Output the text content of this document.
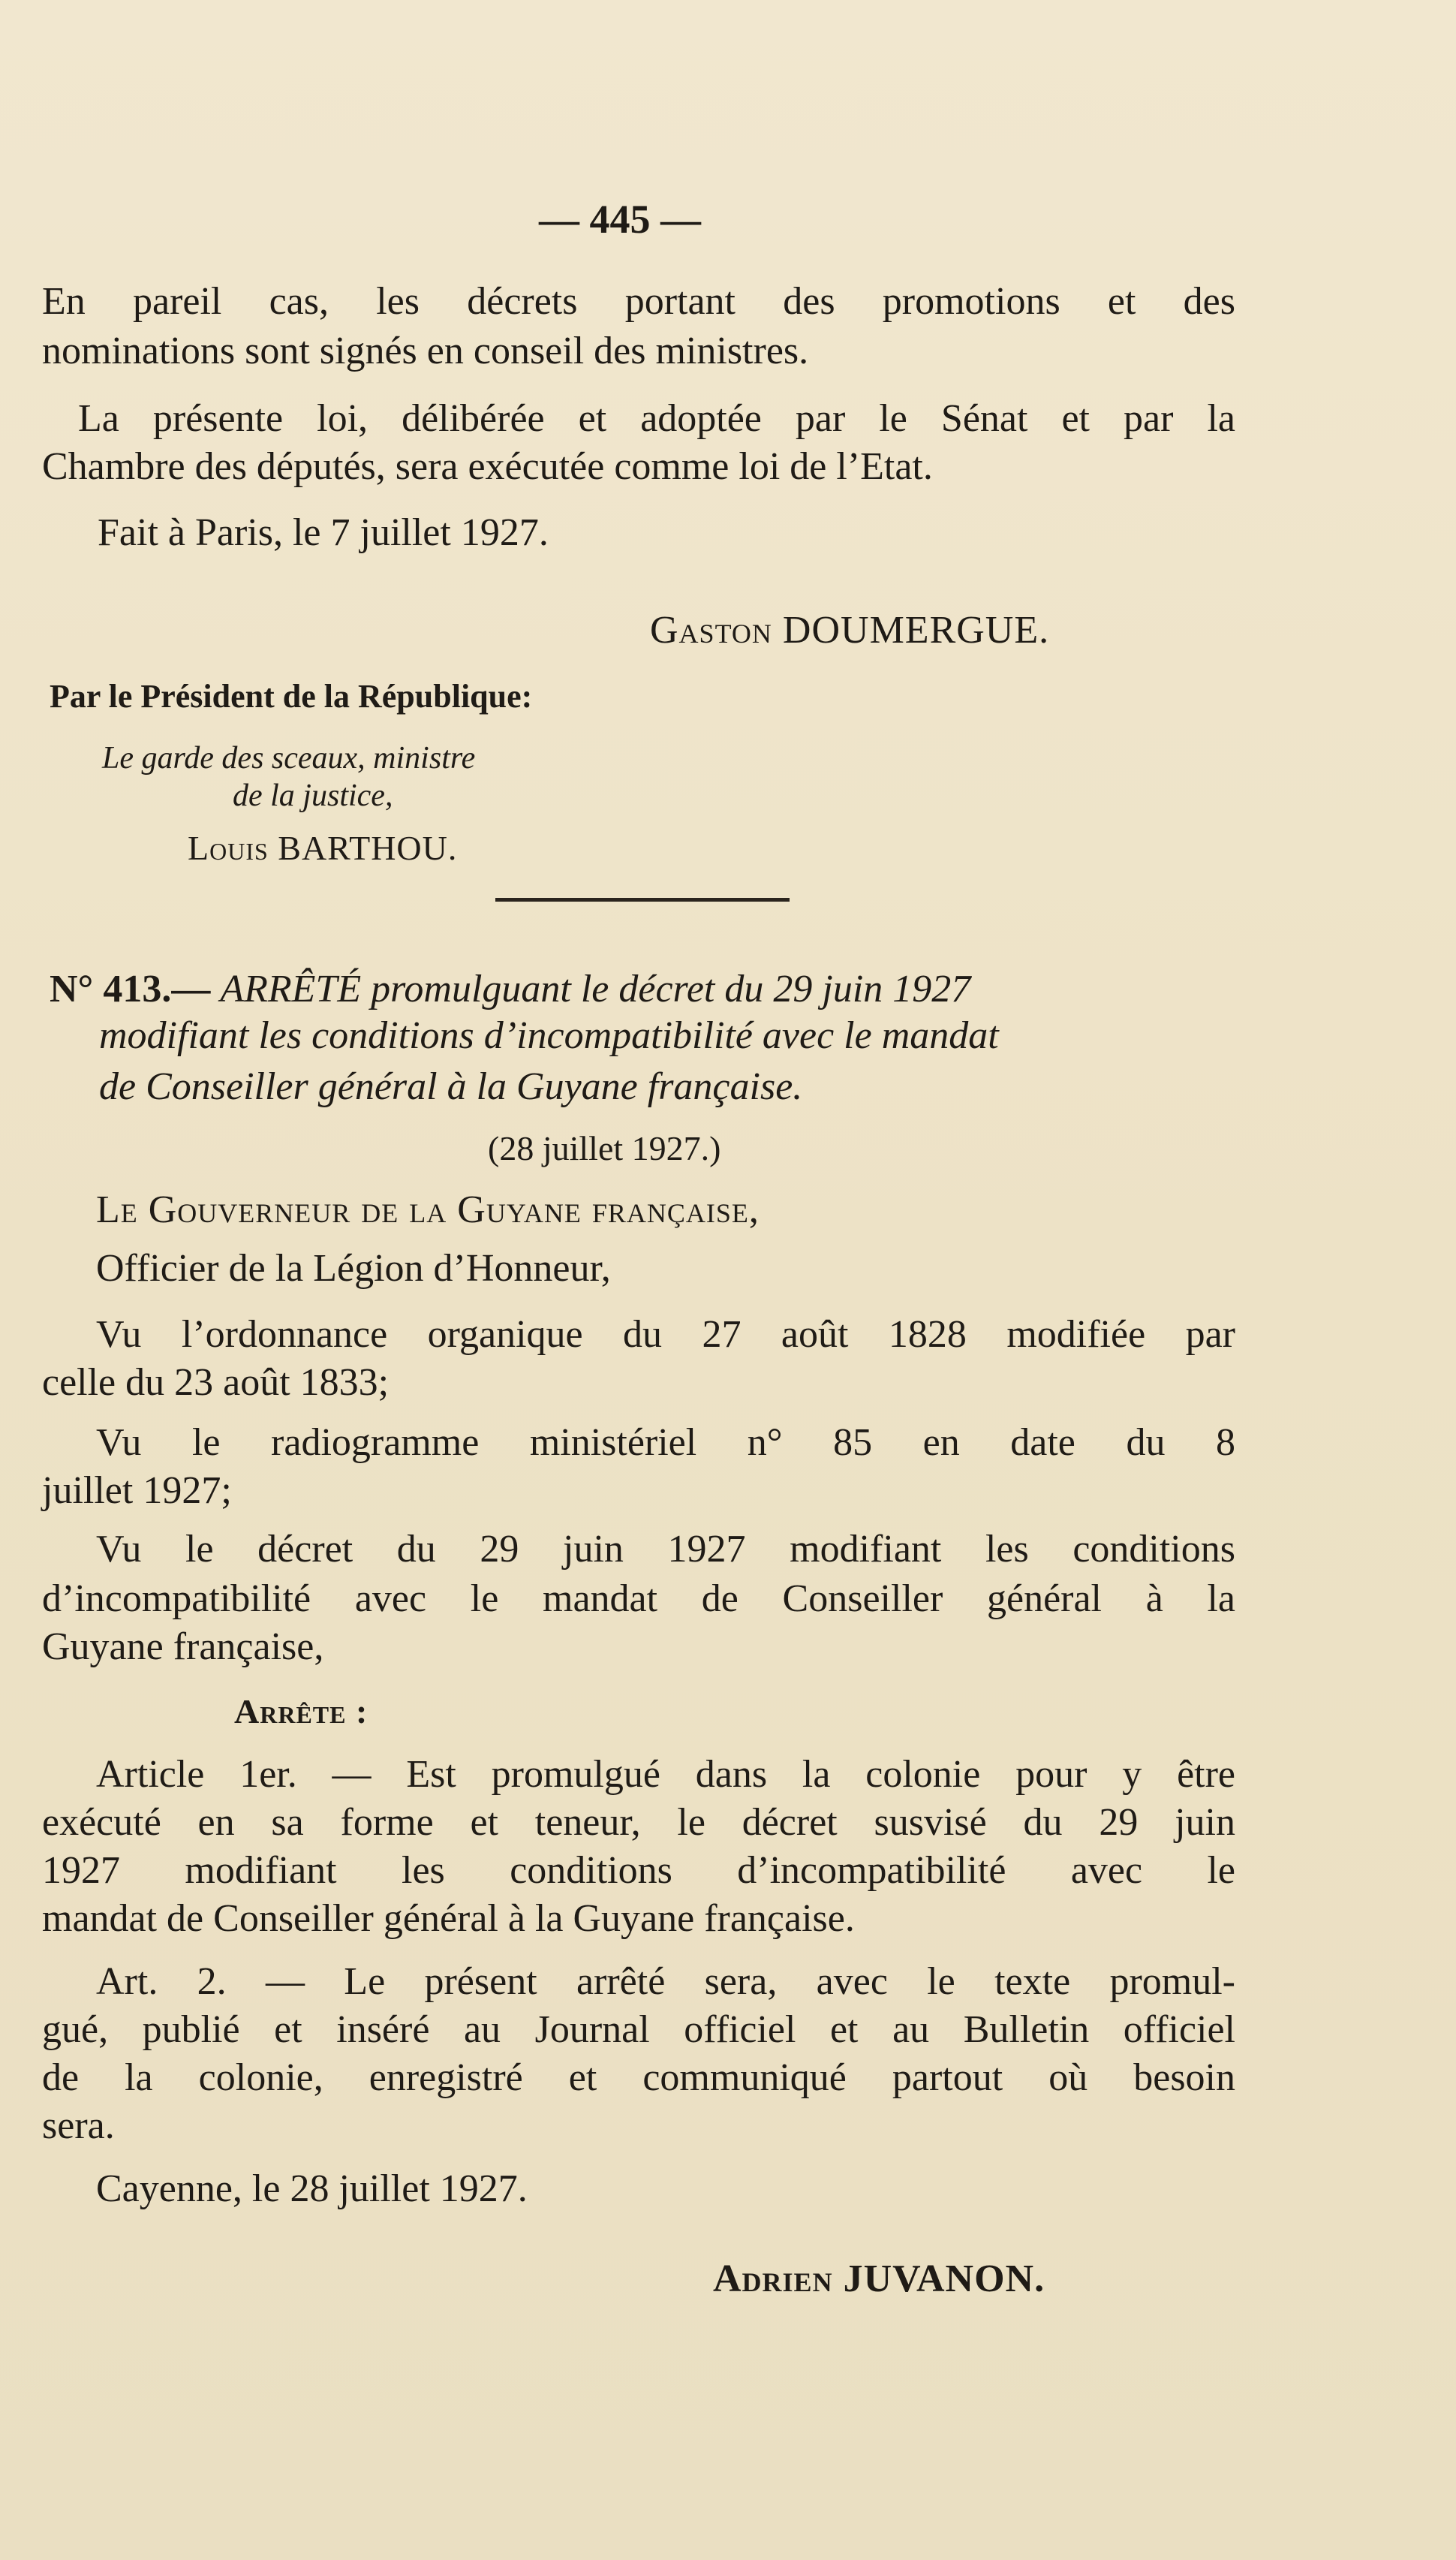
— 445 —
En pareil cas, les décrets portant des promotions et des
nominations sont signés en conseil des ministres.
La présente loi, délibérée et adoptée par le Sénat et par la
Chambre des députés, sera exécutée comme loi de l’Etat.
Fait à Paris, le 7 juillet 1927.
Gaston DOUMERGUE.
Par le Président de la République:
Le garde des sceaux, ministre
de la justice,
Louis BARTHOU.
N° 413.— ARRÊTÉ promulguant le décret du 29 juin 1927
modifiant les conditions d’incompatibilité avec le mandat
de Conseiller général à la Guyane française.
(28 juillet 1927.)
Le Gouverneur de la Guyane française,
Officier de la Légion d’Honneur,
Vu l’ordonnance organique du 27 août 1828 modifiée par
celle du 23 août 1833;
Vu le radiogramme ministériel n° 85 en date du 8
juillet 1927;
Vu le décret du 29 juin 1927 modifiant les conditions
d’incompatibilité avec le mandat de Conseiller général à la
Guyane française,
Arrête :
Article 1er. — Est promulgué dans la colonie pour y être
exécuté en sa forme et teneur, le décret susvisé du 29 juin
1927 modifiant les conditions d’incompatibilité avec le
mandat de Conseiller général à la Guyane française.
Art. 2. — Le présent arrêté sera, avec le texte promul-
gué, publié et inséré au Journal officiel et au Bulletin officiel
de la colonie, enregistré et communiqué partout où besoin
sera.
Cayenne, le 28 juillet 1927.
Adrien JUVANON.
